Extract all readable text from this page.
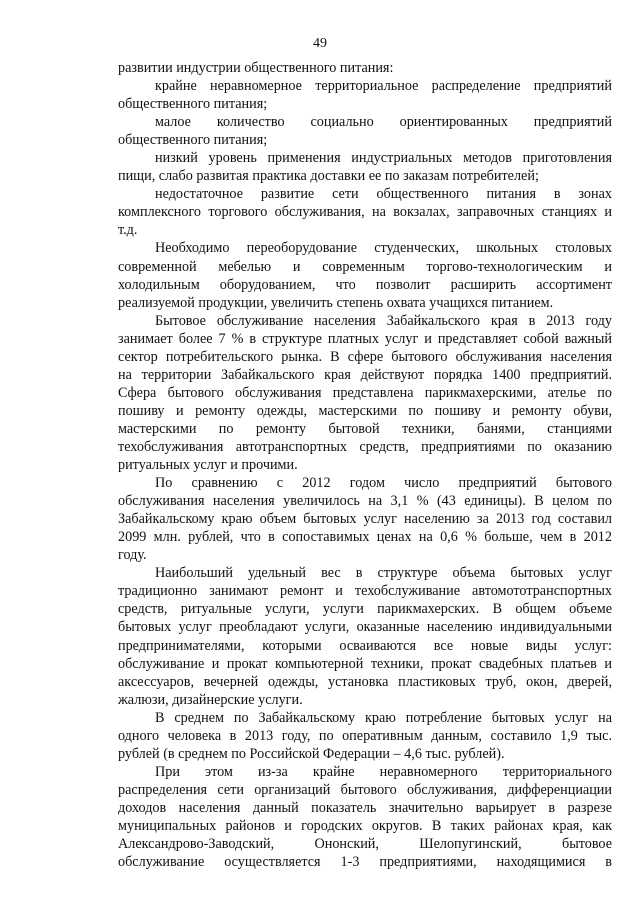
49
развитии индустрии общественного питания:
крайне неравномерное территориальное распределение предприятий
общественного питания;
малое количество социально ориентированных предприятий
общественного питания;
низкий уровень применения индустриальных методов приготовления
пищи, слабо развитая практика доставки ее по заказам потребителей;
недостаточное развитие сети общественного питания в зонах
комплексного торгового обслуживания, на вокзалах, заправочных станциях и
т.д.
Необходимо переоборудование студенческих, школьных столовых
современной мебелью и современным торгово-технологическим и
холодильным оборудованием, что позволит расширить ассортимент
реализуемой продукции, увеличить степень охвата учащихся питанием.
Бытовое обслуживание населения Забайкальского края в 2013 году
занимает более 7 % в структуре платных услуг и представляет собой важный
сектор потребительского рынка. В сфере бытового обслуживания населения
на территории Забайкальского края действуют порядка 1400 предприятий.
Сфера бытового обслуживания представлена парикмахерскими, ателье по
пошиву и ремонту одежды, мастерскими по пошиву и ремонту обуви,
мастерскими по ремонту бытовой техники, банями, станциями
техобслуживания автотранспортных средств, предприятиями по оказанию
ритуальных услуг и прочими.
По сравнению с 2012 годом число предприятий бытового
обслуживания населения увеличилось на 3,1 % (43 единицы). В целом по
Забайкальскому краю объем бытовых услуг населению за 2013 год составил
2099 млн. рублей, что в сопоставимых ценах на 0,6 % больше, чем в 2012
году.
Наибольший удельный вес в структуре объема бытовых услуг
традиционно занимают ремонт и техобслуживание автомототранспортных
средств, ритуальные услуги, услуги парикмахерских. В общем объеме
бытовых услуг преобладают услуги, оказанные населению индивидуальными
предпринимателями, которыми осваиваются все новые виды услуг:
обслуживание и прокат компьютерной техники, прокат свадебных платьев и
аксессуаров, вечерней одежды, установка пластиковых труб, окон, дверей,
жалюзи, дизайнерские услуги.
В среднем по Забайкальскому краю потребление бытовых услуг на
одного человека в 2013 году, по оперативным данным, составило 1,9 тыс.
рублей (в среднем по Российской Федерации – 4,6 тыс. рублей).
При этом из-за крайне неравномерного территориального
распределения сети организаций бытового обслуживания, дифференциации
доходов населения данный показатель значительно варьирует в разрезе
муниципальных районов и городских округов. В таких районах края, как
Александрово-Заводский, Ононский, Шелопугинский, бытовое
обслуживание осуществляется 1-3 предприятиями, находящимися в
